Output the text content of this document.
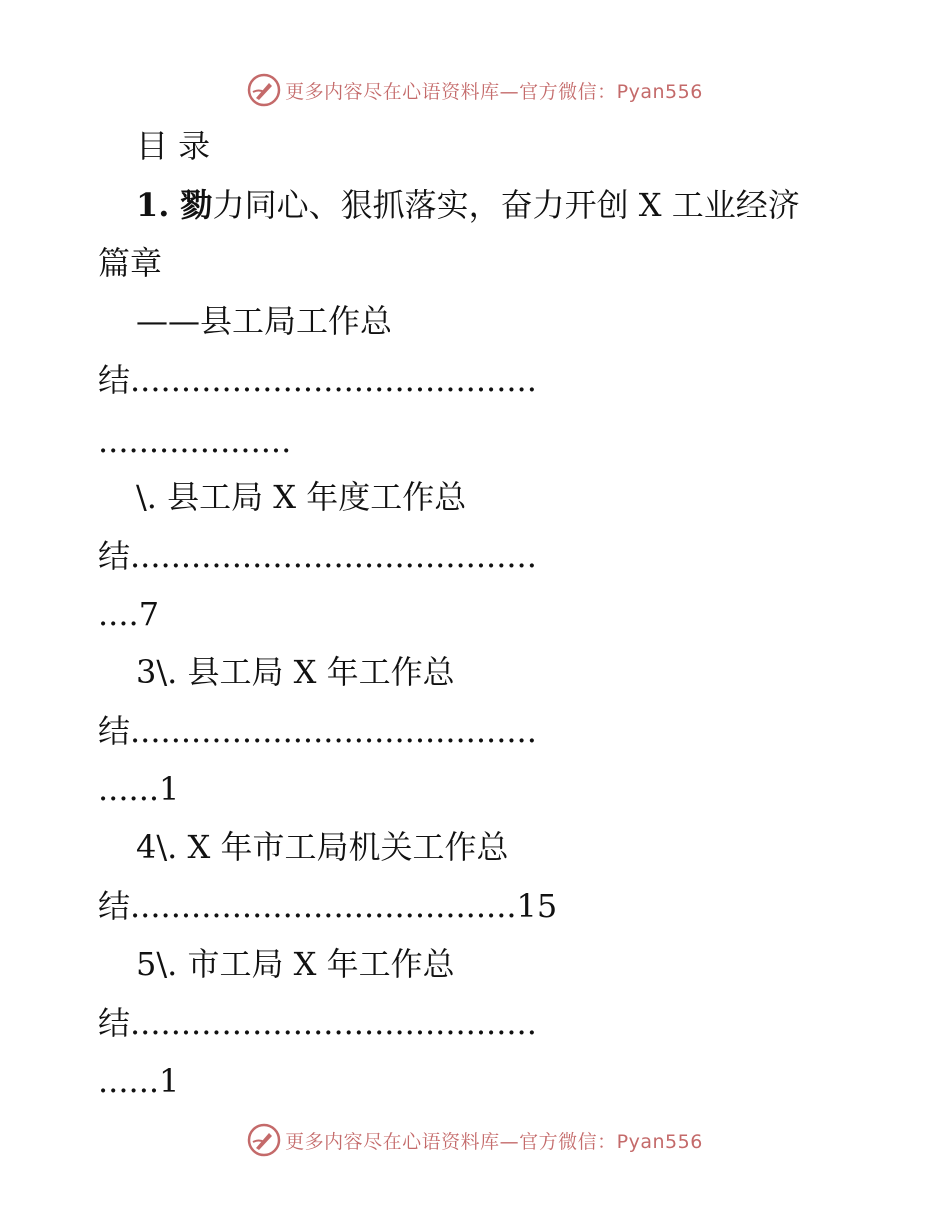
更多内容尽在心语资料库—官方微信：Pyan556
目 录
1. 勠力同心、狠抓落实，奋力开创 X 工业经济
篇章
——县工局工作总
结........................................
...................
\. 县工局 X 年度工作总
结........................................
....7
3\. 县工局 X 年工作总
结........................................
......1
4\. X 年市工局机关工作总
结......................................15
5\. 市工局 X 年工作总
结........................................
......1
更多内容尽在心语资料库—官方微信：Pyan556
